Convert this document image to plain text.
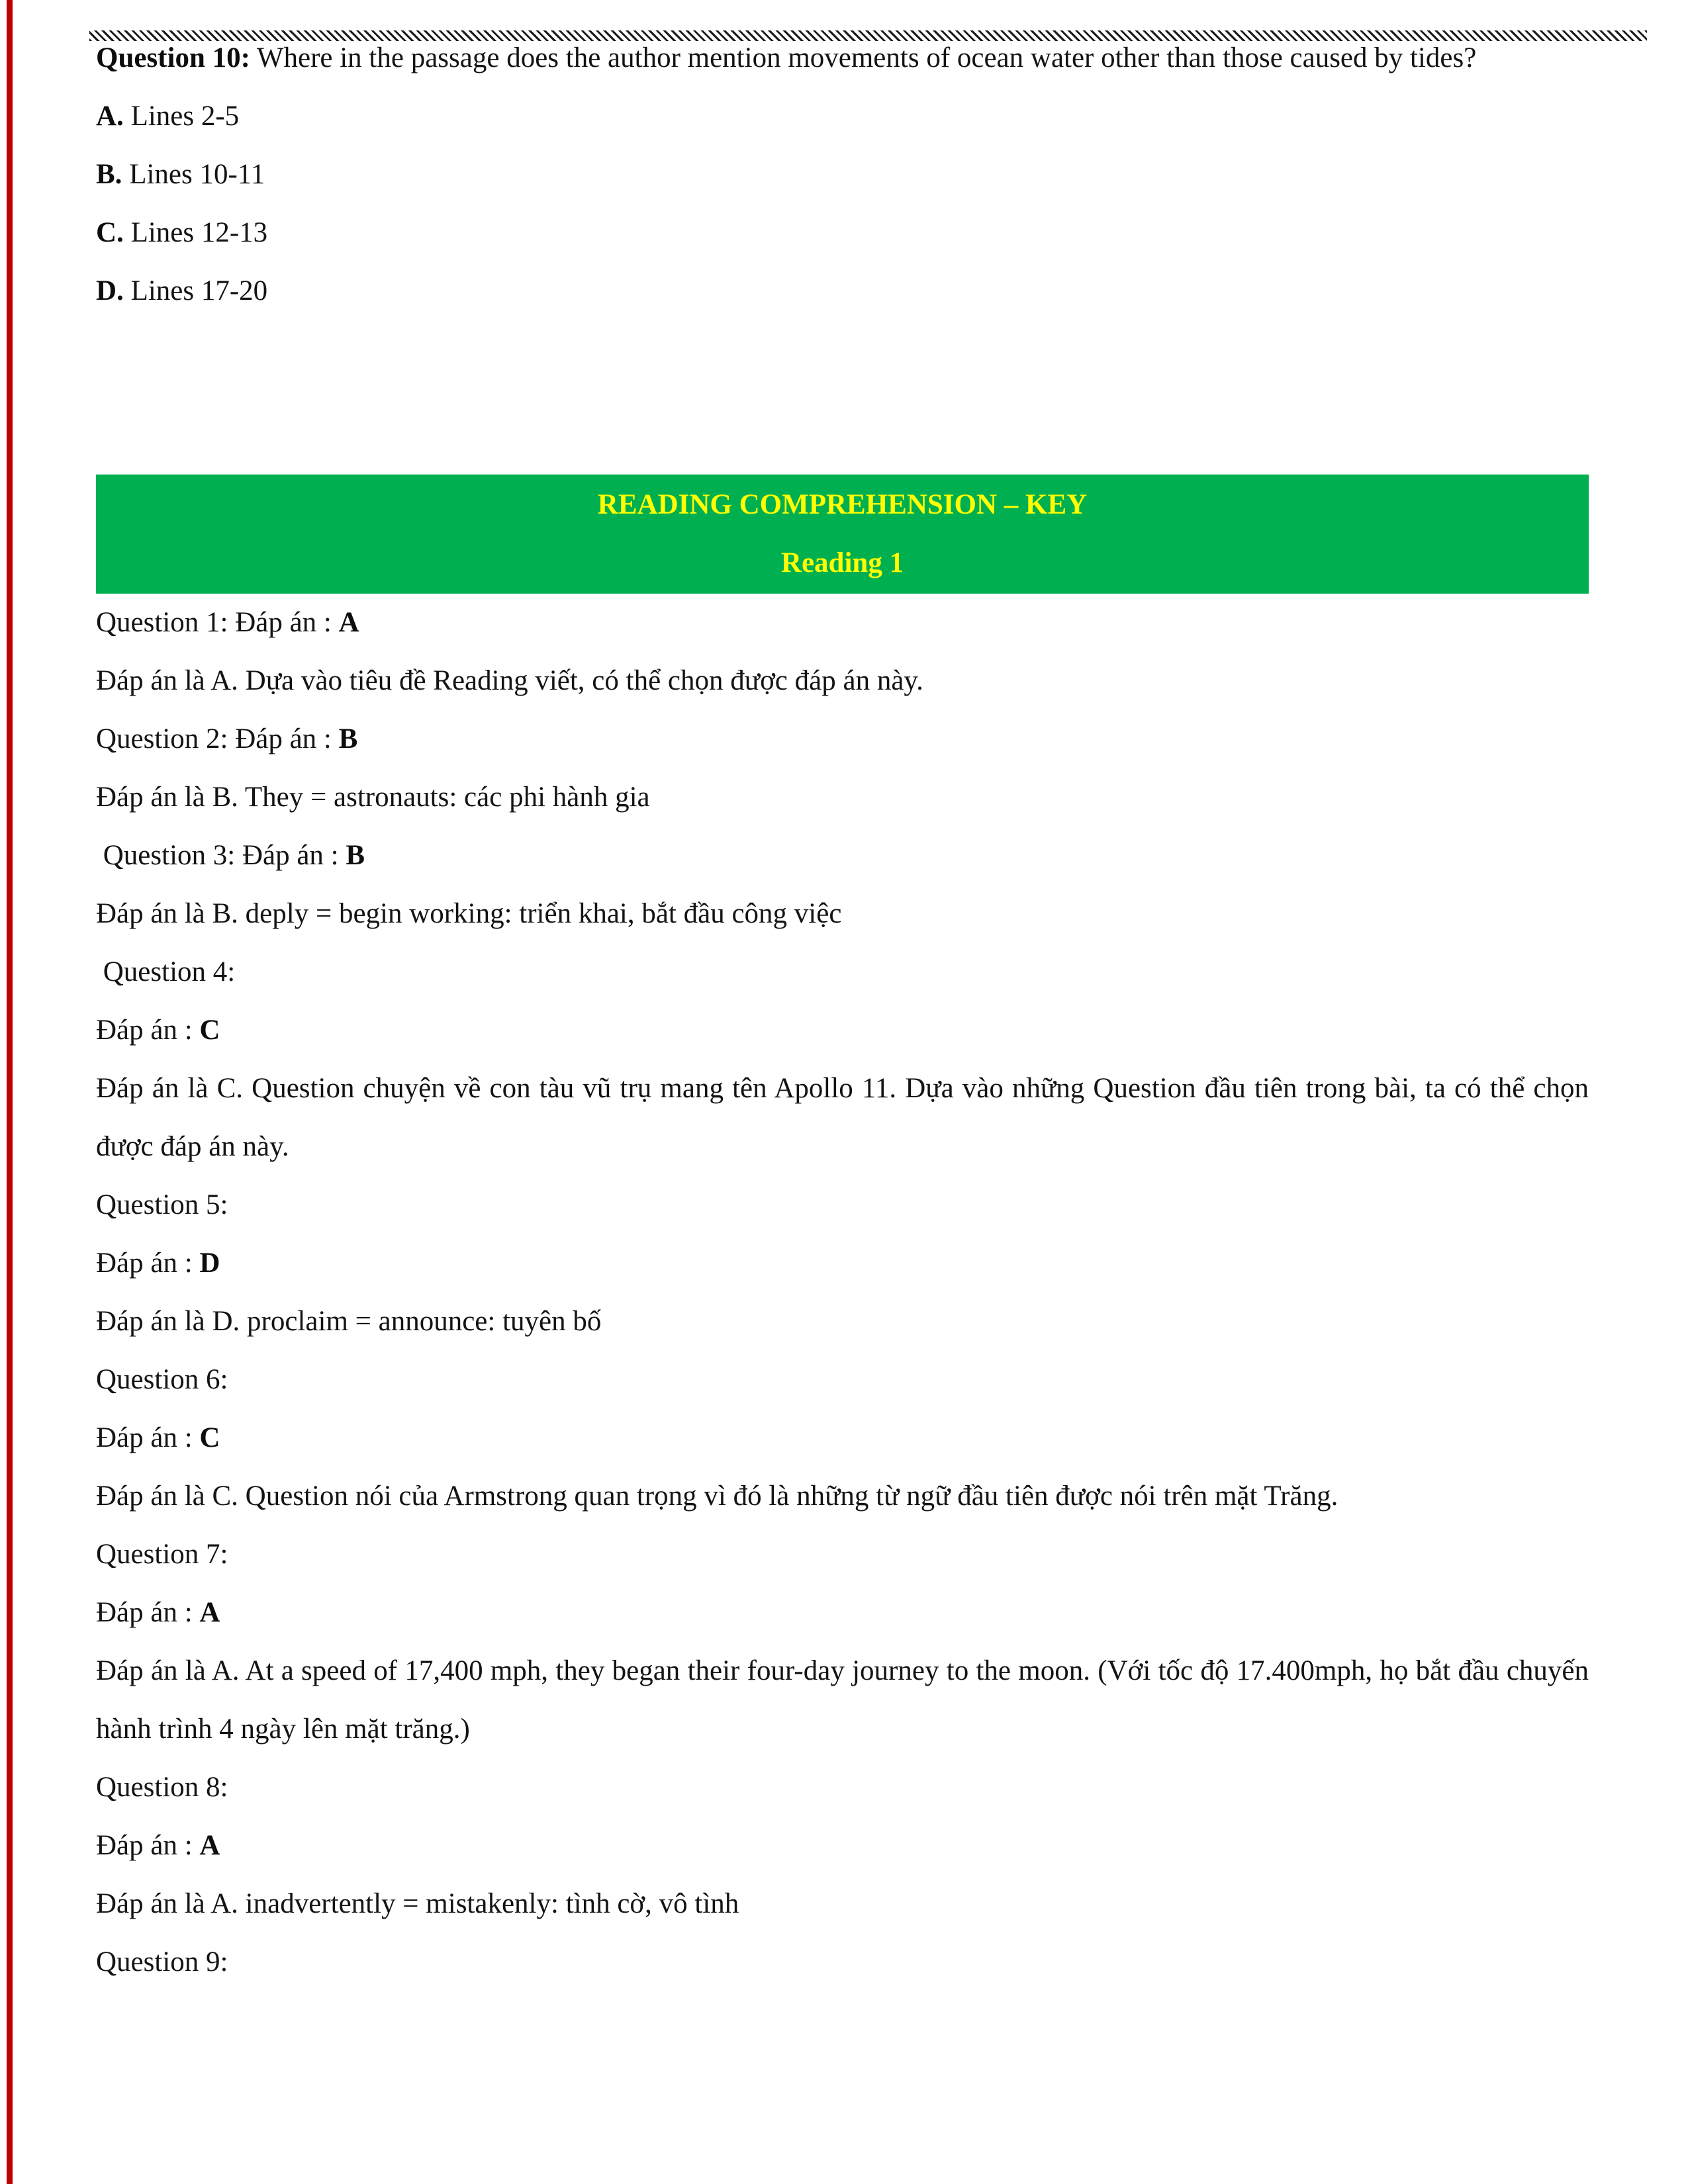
Question 10: Where in the passage does the author mention movements of ocean water other than those caused by tides?

A. Lines 2-5

B. Lines 10-11

C. Lines 12-13

D. Lines 17-20

READING COMPREHENSION – KEY
Reading 1

Question 1: Đáp án : A

Đáp án là A. Dựa vào tiêu đề Reading viết, có thể chọn được đáp án này.

Question 2: Đáp án : B

Đáp án là B. They = astronauts: các phi hành gia

Question 3: Đáp án : B

Đáp án là B. deply = begin working: triển khai, bắt đầu công việc

Question 4:

Đáp án : C

Đáp án là C. Question chuyện về con tàu vũ trụ mang tên Apollo 11. Dựa vào những Question đầu tiên trong bài, ta có thể chọn được đáp án này.

Question 5:

Đáp án : D

Đáp án là D. proclaim = announce: tuyên bố

Question 6:

Đáp án : C

Đáp án là C. Question nói của Armstrong quan trọng vì đó là những từ ngữ đầu tiên được nói trên mặt Trăng.

Question 7:

Đáp án : A

Đáp án là A. At a speed of 17,400 mph, they began their four-day journey to the moon. (Với tốc độ 17.400mph, họ bắt đầu chuyến hành trình 4 ngày lên mặt trăng.)

Question 8:

Đáp án : A

Đáp án là A. inadvertently = mistakenly: tình cờ, vô tình

Question 9:
